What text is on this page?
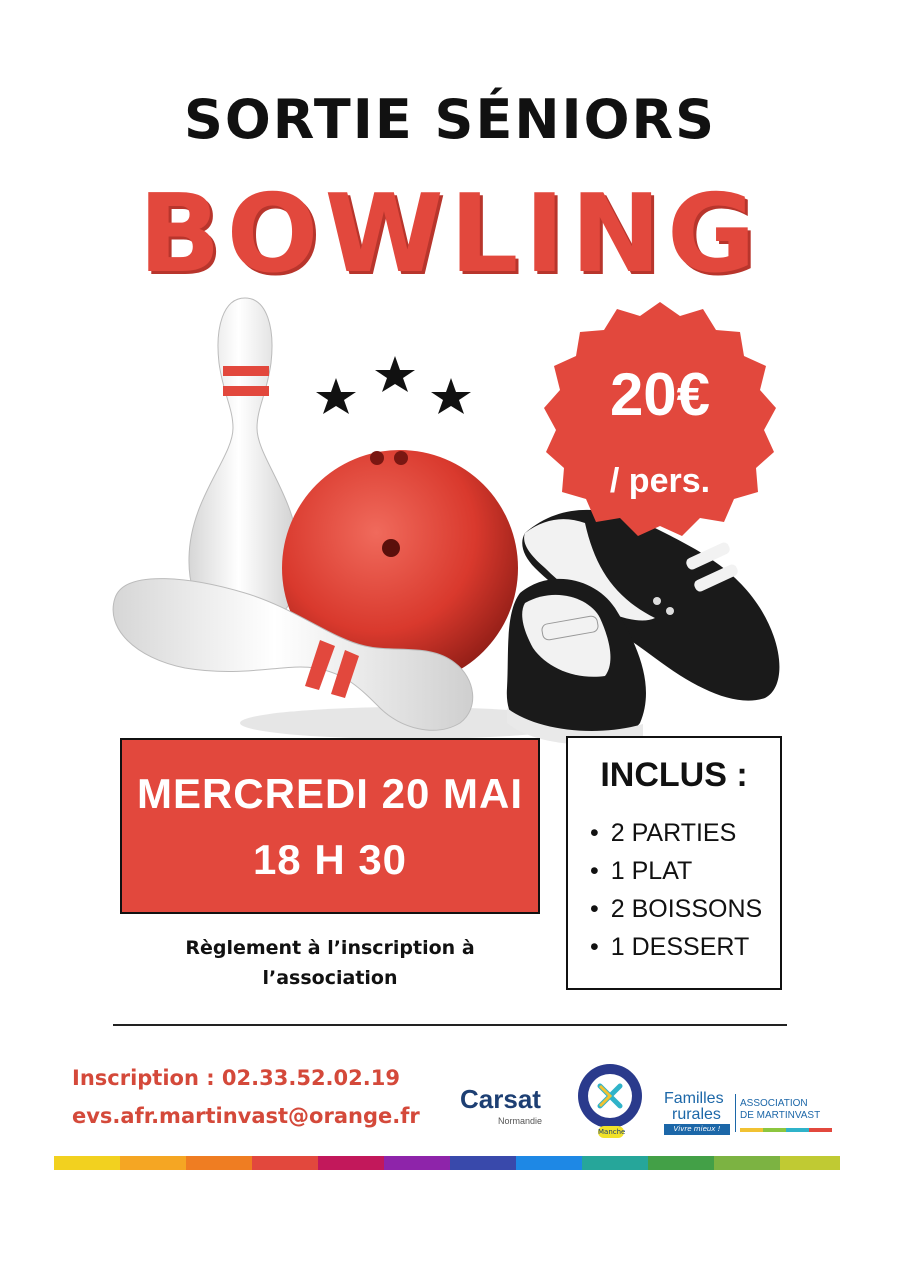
SORTIE SÉNIORS
BOWLING
20€
/ pers.
MERCREDI 20 MAI
18 H 30
INCLUS :
• 2 PARTIES
• 1 PLAT
• 2 BOISSONS
• 1 DESSERT
Règlement à l’inscription à
l’association
Inscription : 02.33.52.02.19
evs.afr.martinvast@orange.fr
Carsat
Normandie
Manche
Familles
rurales
Vivre mieux !
ASSOCIATION
DE MARTINVAST
